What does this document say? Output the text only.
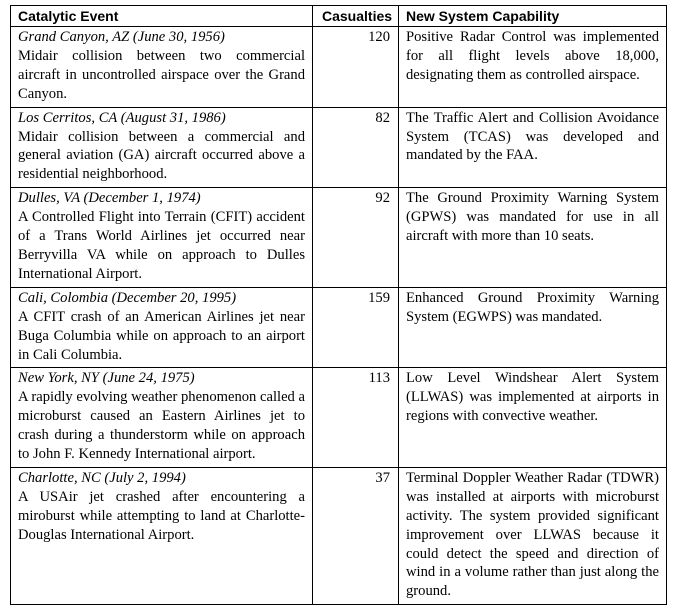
Catalytic Event	Casualties	New System Capability

Grand Canyon, AZ (June 30, 1956)
Midair collision between two commercial aircraft in uncontrolled airspace over the Grand Canyon.	120	Positive Radar Control was implemented for all flight levels above 18,000, designating them as controlled airspace.

Los Cerritos, CA (August 31, 1986)
Midair collision between a commercial and general aviation (GA) aircraft occurred above a residential neighborhood.	82	The Traffic Alert and Collision Avoidance System (TCAS) was developed and mandated by the FAA.

Dulles, VA (December 1, 1974)
A Controlled Flight into Terrain (CFIT) accident of a Trans World Airlines jet occurred near Berryvilla VA while on approach to Dulles International Airport.	92	The Ground Proximity Warning System (GPWS) was mandated for use in all aircraft with more than 10 seats.

Cali, Colombia (December 20, 1995)
A CFIT crash of an American Airlines jet near Buga Columbia while on approach to an airport in Cali Columbia.	159	Enhanced Ground Proximity Warning System (EGWPS) was mandated.

New York, NY (June 24, 1975)
A rapidly evolving weather phenomenon called a microburst caused an Eastern Airlines jet to crash during a thunderstorm while on approach to John F. Kennedy International airport.	113	Low Level Windshear Alert System (LLWAS) was implemented at airports in regions with convective weather.

Charlotte, NC (July 2, 1994)
A USAir jet crashed after encountering a miroburst while attempting to land at Charlotte-Douglas International Airport.	37	Terminal Doppler Weather Radar (TDWR) was installed at airports with microburst activity. The system provided significant improvement over LLWAS because it could detect the speed and direction of wind in a volume rather than just along the ground.
